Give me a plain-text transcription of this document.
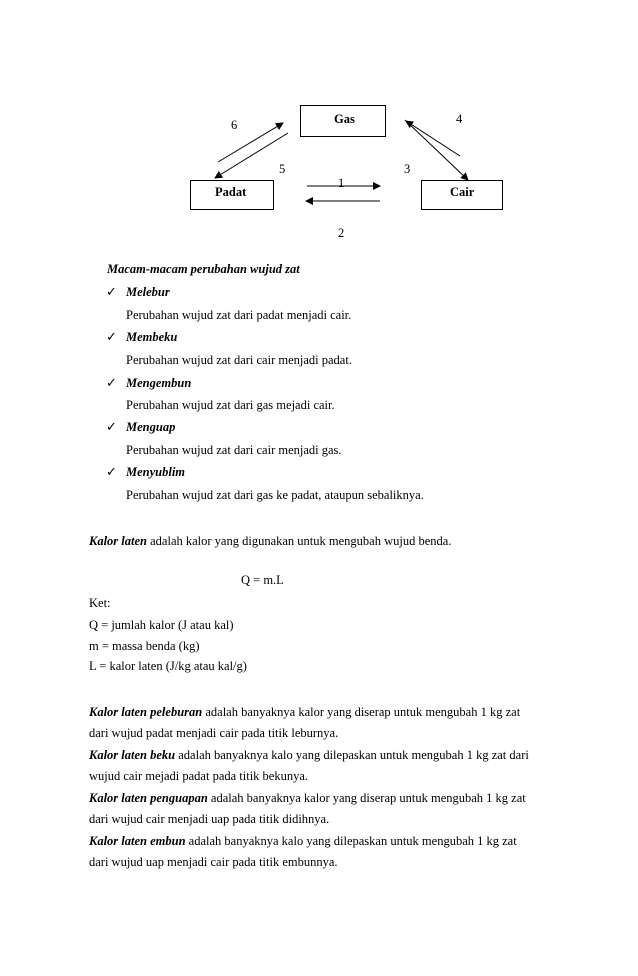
Gas
Padat	Cair
1
2
3
4
5
6
Macam-macam perubahan wujud zat
✓ Melebur
Perubahan wujud zat dari padat menjadi cair.
✓ Membeku
Perubahan wujud zat dari cair menjadi padat.
✓ Mengembun
Perubahan wujud zat dari gas mejadi cair.
✓ Menguap
Perubahan wujud zat dari cair menjadi gas.
✓ Menyublim
Perubahan wujud zat dari gas ke padat, ataupun sebaliknya.
Kalor laten adalah kalor yang digunakan untuk mengubah wujud benda.
Q = m.L
Ket:
Q = jumlah kalor (J atau kal)
m = massa benda (kg)
L = kalor laten (J/kg atau kal/g)
Kalor laten peleburan adalah banyaknya kalor yang diserap untuk mengubah 1 kg zat
dari wujud padat menjadi cair pada titik leburnya.
Kalor laten beku adalah banyaknya kalo yang dilepaskan untuk mengubah 1 kg zat dari
wujud cair mejadi padat pada titik bekunya.
Kalor laten penguapan adalah banyaknya kalor yang diserap untuk mengubah 1 kg zat
dari wujud cair menjadi uap pada titik didihnya.
Kalor laten embun adalah banyaknya kalo yang dilepaskan untuk mengubah 1 kg zat
dari wujud uap menjadi cair pada titik embunnya.
